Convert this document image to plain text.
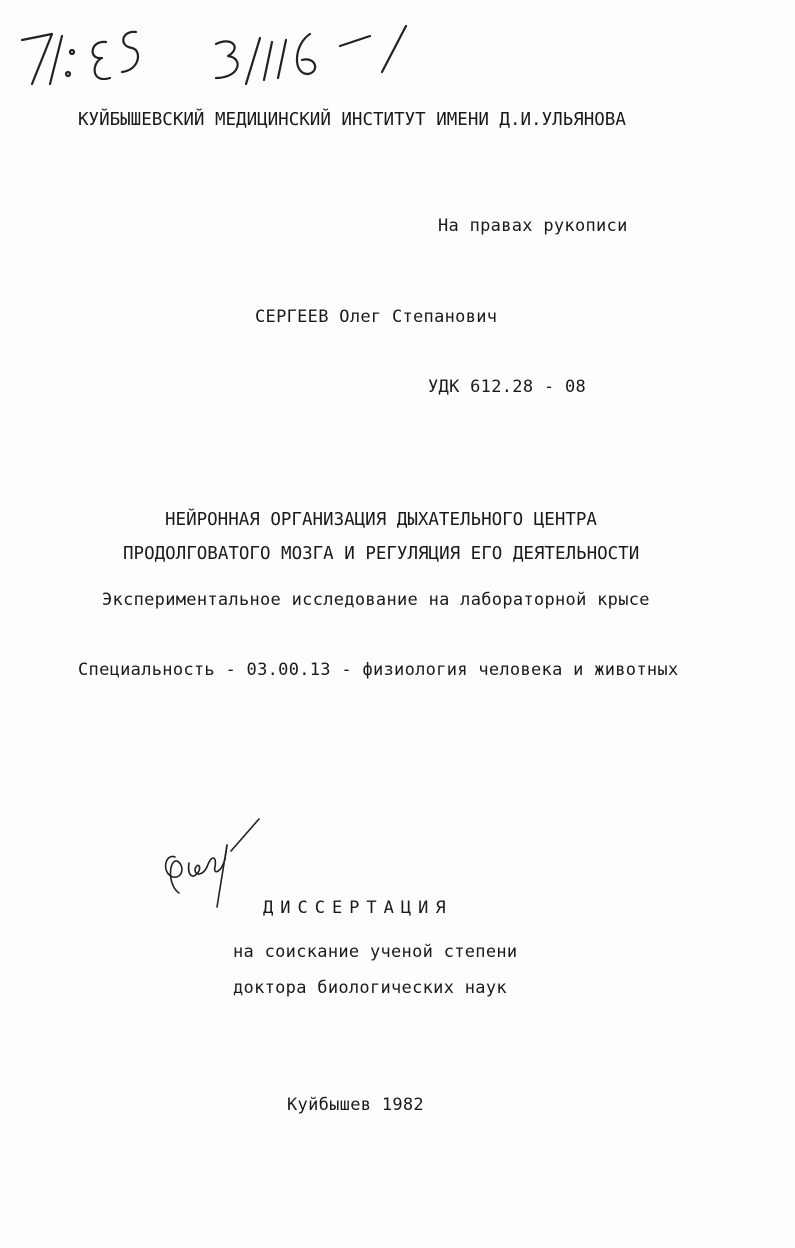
КУЙБЫШЕВСКИЙ МЕДИЦИНСКИЙ ИНСТИТУТ ИМЕНИ Д.И.УЛЬЯНОВА
На правах рукописи
СЕРГЕЕВ Олег Степанович
УДК 612.28 - 08
НЕЙРОННАЯ ОРГАНИЗАЦИЯ ДЫХАТЕЛЬНОГО ЦЕНТРА
ПРОДОЛГОВАТОГО МОЗГА И РЕГУЛЯЦИЯ ЕГО ДЕЯТЕЛЬНОСТИ
Экспериментальное исследование на лабораторной крысе
Специальность - 03.00.13 - физиология человека и животных
ДИССЕРТАЦИЯ
на соискание ученой степени
доктора биологических наук
Куйбышев 1982
